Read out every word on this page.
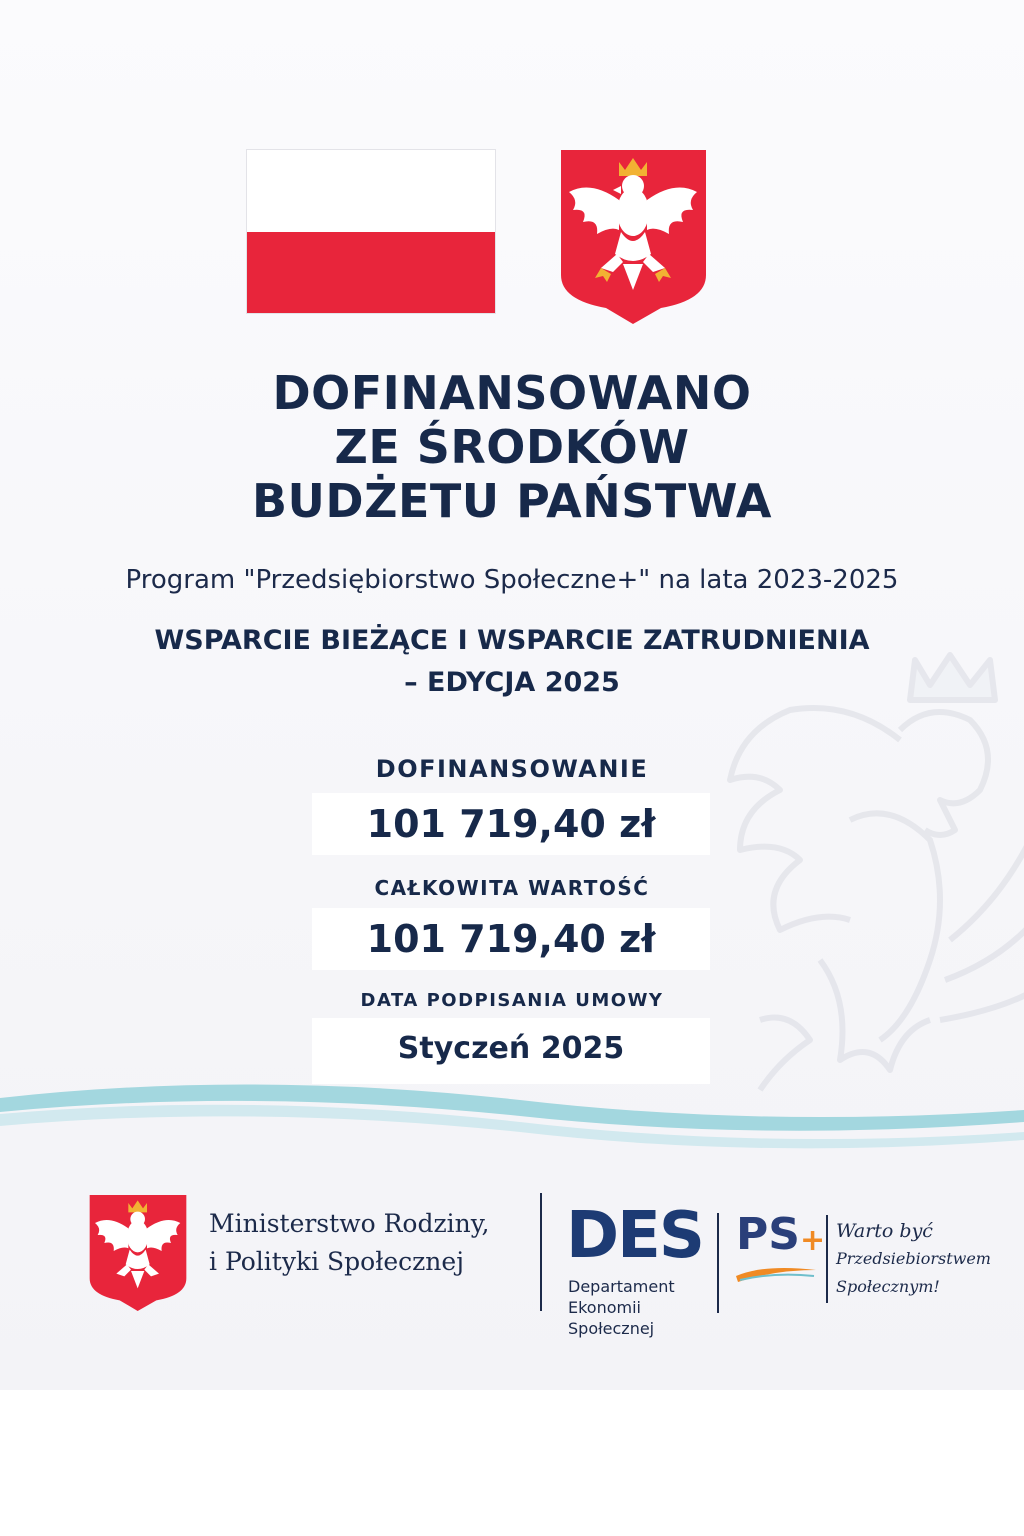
DOFINANSOWANO
ZE ŚRODKÓW
BUDŻETU PAŃSTWA
Program "Przedsiębiorstwo Społeczne+" na lata 2023-2025
WSPARCIE BIEŻĄCE I WSPARCIE ZATRUDNIENIA
– EDYCJA 2025
DOFINANSOWANIE
101 719,40 zł
CAŁKOWITA WARTOŚĆ
101 719,40 zł
DATA PODPISANIA UMOWY
Styczeń 2025
Ministerstwo Rodziny,
i Polityki Społecznej	DES
Departament
Ekonomii
Społecznej
PS+ Warto być
Przedsiebiorstwem
Społecznym!
